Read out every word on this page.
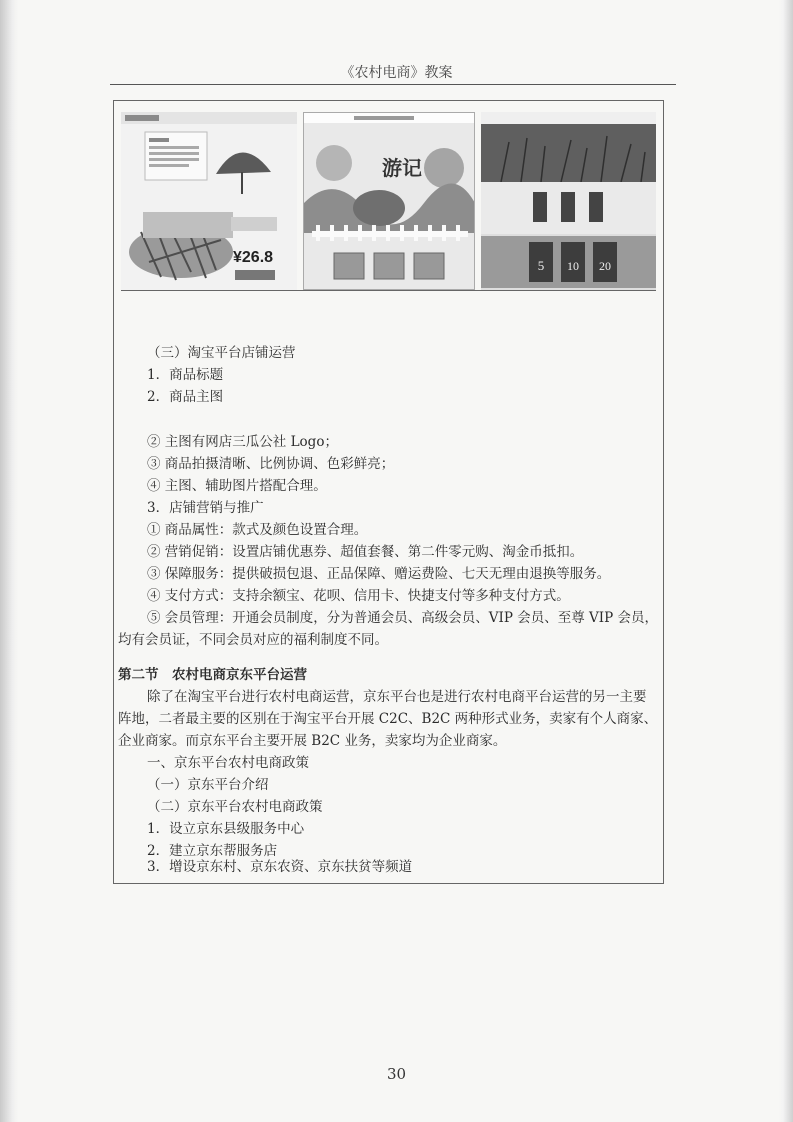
《农村电商》教案
¥26.8
游记
5 10 20
（三）淘宝平台店铺运营
1．商品标题
2．商品主图
② 主图有网店三瓜公社 Logo；
③ 商品拍摄清晰、比例协调、色彩鲜亮；
④ 主图、辅助图片搭配合理。
3．店铺营销与推广
① 商品属性：款式及颜色设置合理。
② 营销促销：设置店铺优惠券、超值套餐、第二件零元购、淘金币抵扣。
③ 保障服务：提供破损包退、正品保障、赠运费险、七天无理由退换等服务。
④ 支付方式：支持余额宝、花呗、信用卡、快捷支付等多种支付方式。
⑤ 会员管理：开通会员制度，分为普通会员、高级会员、VIP 会员、至尊 VIP 会员，
均有会员证，不同会员对应的福利制度不同。
第二节　农村电商京东平台运营
除了在淘宝平台进行农村电商运营，京东平台也是进行农村电商平台运营的另一主要
阵地，二者最主要的区别在于淘宝平台开展 C2C、B2C 两种形式业务，卖家有个人商家、
企业商家。而京东平台主要开展 B2C 业务，卖家均为企业商家。
一、京东平台农村电商政策
（一）京东平台介绍
（二）京东平台农村电商政策
1．设立京东县级服务中心
2．建立京东帮服务店
3．增设京东村、京东农资、京东扶贫等频道
30
